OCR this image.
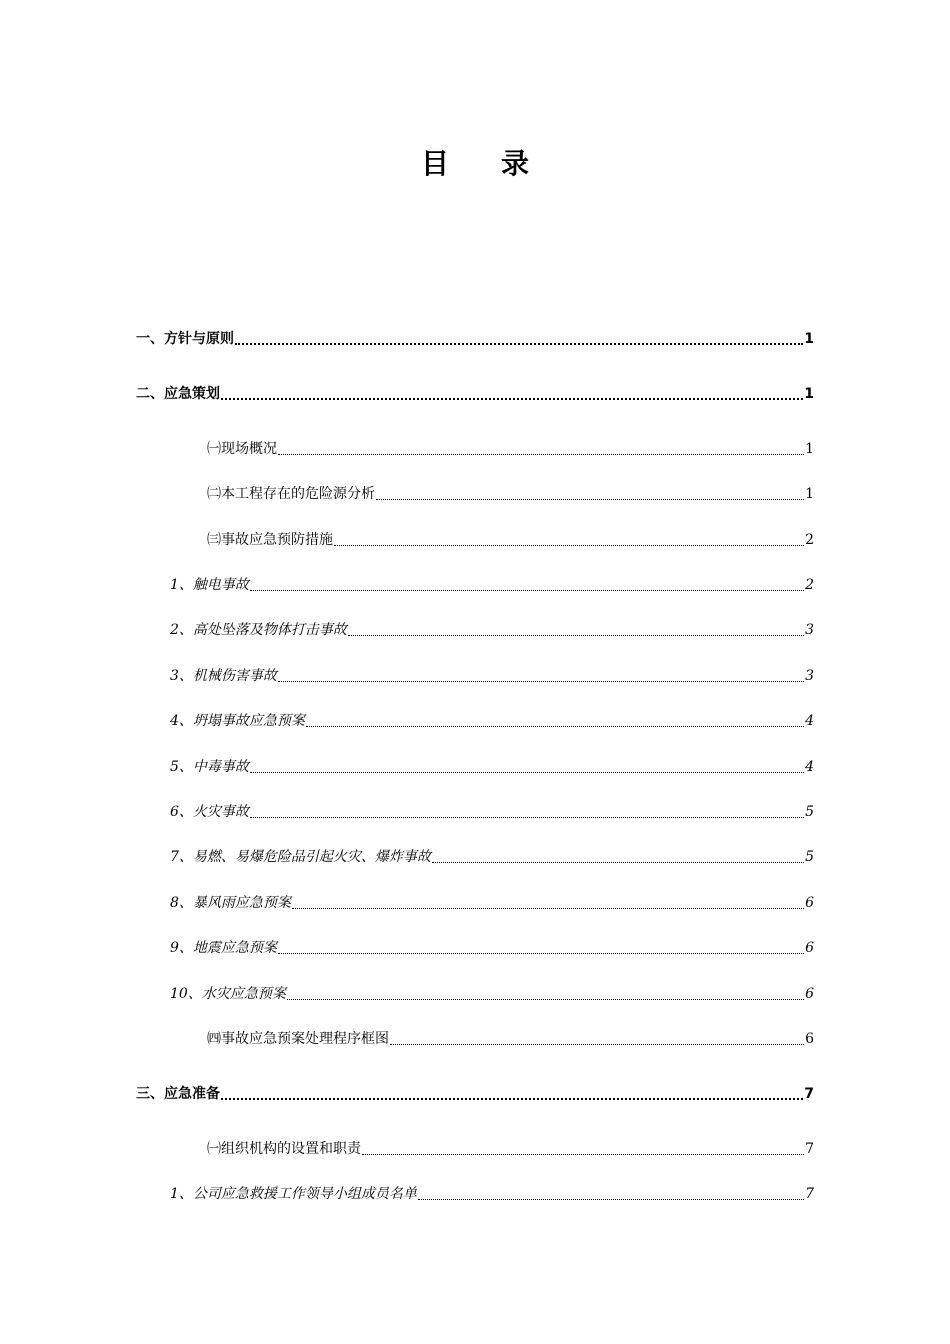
目录
一、方针与原则	1
二、应急策划	1
㈠现场概况	1
㈡本工程存在的危险源分析	1
㈢事故应急预防措施	2
1、触电事故	2
2、高处坠落及物体打击事故	3
3、机械伤害事故	3
4、坍塌事故应急预案	4
5、中毒事故	4
6、火灾事故	5
7、易燃、易爆危险品引起火灾、爆炸事故	5
8、暴风雨应急预案	6
9、地震应急预案	6
10、水灾应急预案	6
㈣事故应急预案处理程序框图	6
三、应急准备	7
㈠组织机构的设置和职责	7
1、公司应急救援工作领导小组成员名单	7
